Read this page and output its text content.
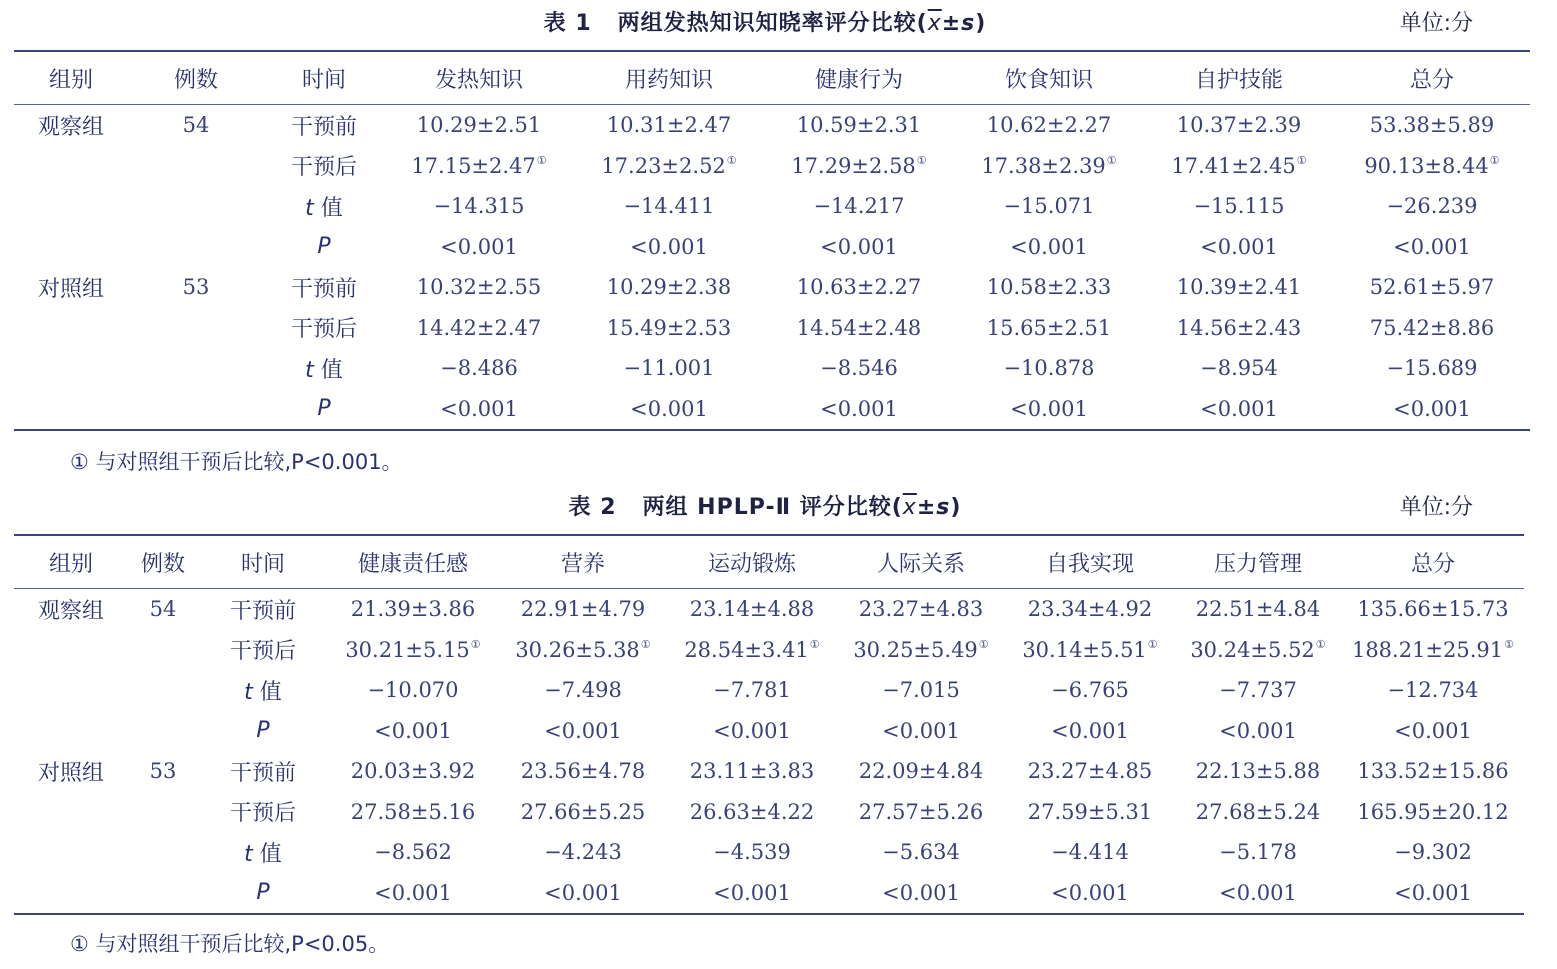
表 1 两组发热知识知晓率评分比较$(\overline{x}\pm s)$	单位:分
组别	例数	时间	发热知识	用药知识	健康行为	饮食知识	自护技能	总分
观察组	54	干预前	10.29±2.51	10.31±2.47	10.59±2.31	10.62±2.27	10.37±2.39	53.38±5.89
		干预后	17.15±2.47①	17.23±2.52①	17.29±2.58①	17.38±2.39①	17.41±2.45①	90.13±8.44①
		t 值	−14.315	−14.411	−14.217	−15.071	−15.115	−26.239
		P	<0.001	<0.001	<0.001	<0.001	<0.001	<0.001
对照组	53	干预前	10.32±2.55	10.29±2.38	10.63±2.27	10.58±2.33	10.39±2.41	52.61±5.97
		干预后	14.42±2.47	15.49±2.53	14.54±2.48	15.65±2.51	14.56±2.43	75.42±8.86
		t 值	−8.486	−11.001	−8.546	−10.878	−8.954	−15.689
		P	<0.001	<0.001	<0.001	<0.001	<0.001	<0.001
① 与对照组干预后比较,P<0.001。
表 2 两组 HPLP-Ⅱ 评分比较$(\overline{x}\pm s)$	单位:分
组别	例数	时间	健康责任感	营养	运动锻炼	人际关系	自我实现	压力管理	总分
观察组	54	干预前	21.39±3.86	22.91±4.79	23.14±4.88	23.27±4.83	23.34±4.92	22.51±4.84	135.66±15.73
		干预后	30.21±5.15①	30.26±5.38①	28.54±3.41①	30.25±5.49①	30.14±5.51①	30.24±5.52①	188.21±25.91①
		t 值	−10.070	−7.498	−7.781	−7.015	−6.765	−7.737	−12.734
		P	<0.001	<0.001	<0.001	<0.001	<0.001	<0.001	<0.001
对照组	53	干预前	20.03±3.92	23.56±4.78	23.11±3.83	22.09±4.84	23.27±4.85	22.13±5.88	133.52±15.86
		干预后	27.58±5.16	27.66±5.25	26.63±4.22	27.57±5.26	27.59±5.31	27.68±5.24	165.95±20.12
		t 值	−8.562	−4.243	−4.539	−5.634	−4.414	−5.178	−9.302
		P	<0.001	<0.001	<0.001	<0.001	<0.001	<0.001	<0.001
① 与对照组干预后比较,P<0.05。
